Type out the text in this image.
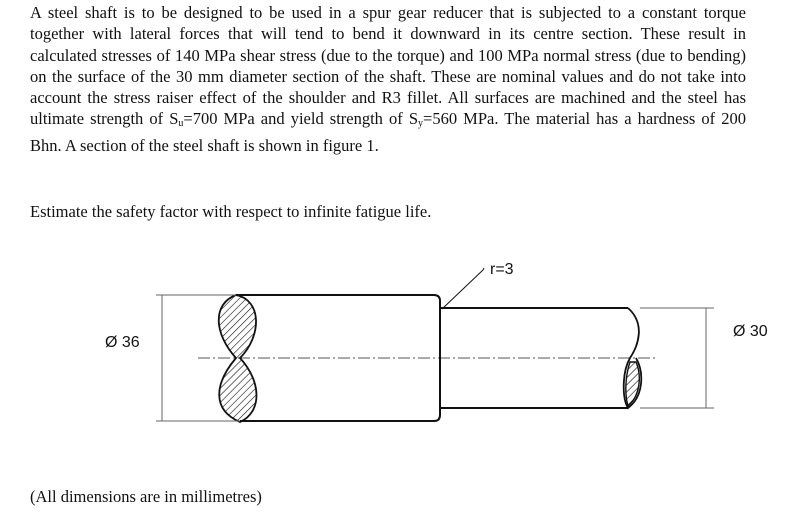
A steel shaft is to be designed to be used in a spur gear reducer that is subjected to a constant torque together with lateral forces that will tend to bend it downward in its centre section. These result in calculated stresses of 140 MPa shear stress (due to the torque) and 100 MPa normal stress (due to bending) on the surface of the 30 mm diameter section of the shaft. These are nominal values and do not take into account the stress raiser effect of the shoulder and R3 fillet. All surfaces are machined and the steel has ultimate strength of $S_u=700$ MPa and yield strength of $S_y=560$ MPa. The material has a hardness of 200 Bhn. A section of the steel shaft is shown in figure 1.
Estimate the safety factor with respect to infinite fatigue life.
Ø 36
Ø 30
r=3
(All dimensions are in millimetres)
